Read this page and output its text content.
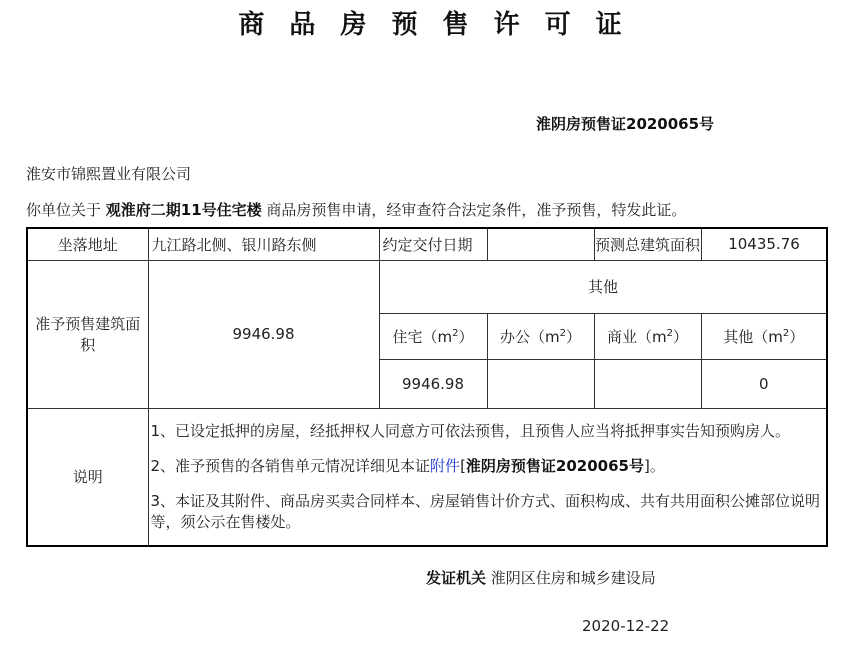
商 品 房 预 售 许 可 证
淮阴房预售证2020065号
淮安市锦熙置业有限公司
你单位关于 观淮府二期11号住宅楼 商品房预售申请，经审查符合法定条件，准予预售，特发此证。
坐落地址	九江路北侧、银川路东侧	约定交付日期		预测总建筑面积	10435.76
准予预售建筑面积	9946.98	其他			
		住宅$(m^2)$	办公$(m^2)$	商业$(m^2)$	其他$(m^2)$
		9946.98			0
说明	1、已设定抵押的房屋，经抵押权人同意方可依法预售，且预售人应当将抵押事实告知预购房人。

2、准予预售的各销售单元情况详细见本证附件[淮阴房预售证2020065号]。

3、本证及其附件、商品房买卖合同样本、房屋销售计价方式、面积构成、共有共用面积公摊部位说明等，须公示在售楼处。				

发证机关 淮阴区住房和城乡建设局
2020-12-22
